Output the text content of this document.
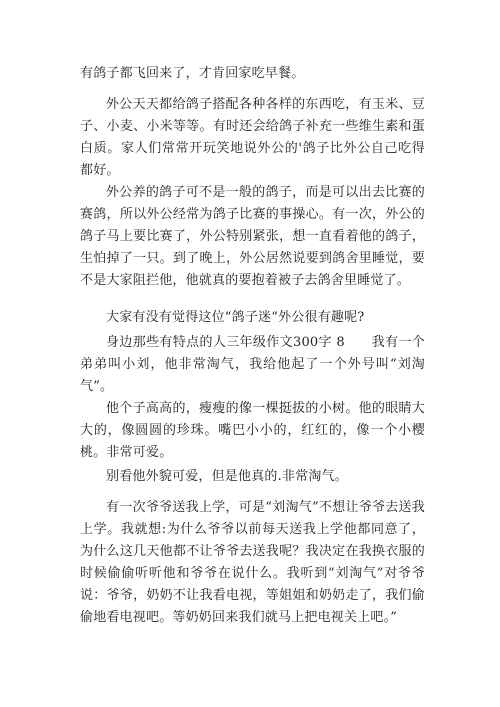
有鸽子都飞回来了，才肯回家吃早餐。

外公天天都给鸽子搭配各种各样的东西吃，有玉米、豆子、小麦、小米等等。有时还会给鸽子补充一些维生素和蛋白质。家人们常常开玩笑地说外公的'鸽子比外公自己吃得都好。

外公养的鸽子可不是一般的鸽子，而是可以出去比赛的赛鸽，所以外公经常为鸽子比赛的事操心。有一次，外公的鸽子马上要比赛了，外公特别紧张，想一直看着他的鸽子，生怕掉了一只。到了晚上，外公居然说要到鸽舍里睡觉，要不是大家阻拦他，他就真的要抱着被子去鸽舍里睡觉了。

大家有没有觉得这位“鸽子迷“外公很有趣呢?

身边那些有特点的人三年级作文300字 8　　我有一个弟弟叫小刘，他非常淘气，我给他起了一个外号叫“刘淘气”。

他个子高高的，瘦瘦的像一棵挺拔的小树。他的眼睛大大的，像圆圆的珍珠。嘴巴小小的，红红的，像一个小樱桃。非常可爱。

别看他外貌可爱，但是他真的.非常淘气。

有一次爷爷送我上学，可是“刘淘气”不想让爷爷去送我上学。我就想:为什么爷爷以前每天送我上学他都同意了，为什么这几天他都不让爷爷去送我呢？我决定在我换衣服的时候偷偷听听他和爷爷在说什么。我听到“刘淘气”对爷爷说：爷爷，奶奶不让我看电视，等姐姐和奶奶走了，我们偷偷地看电视吧。等奶奶回来我们就马上把电视关上吧。”
